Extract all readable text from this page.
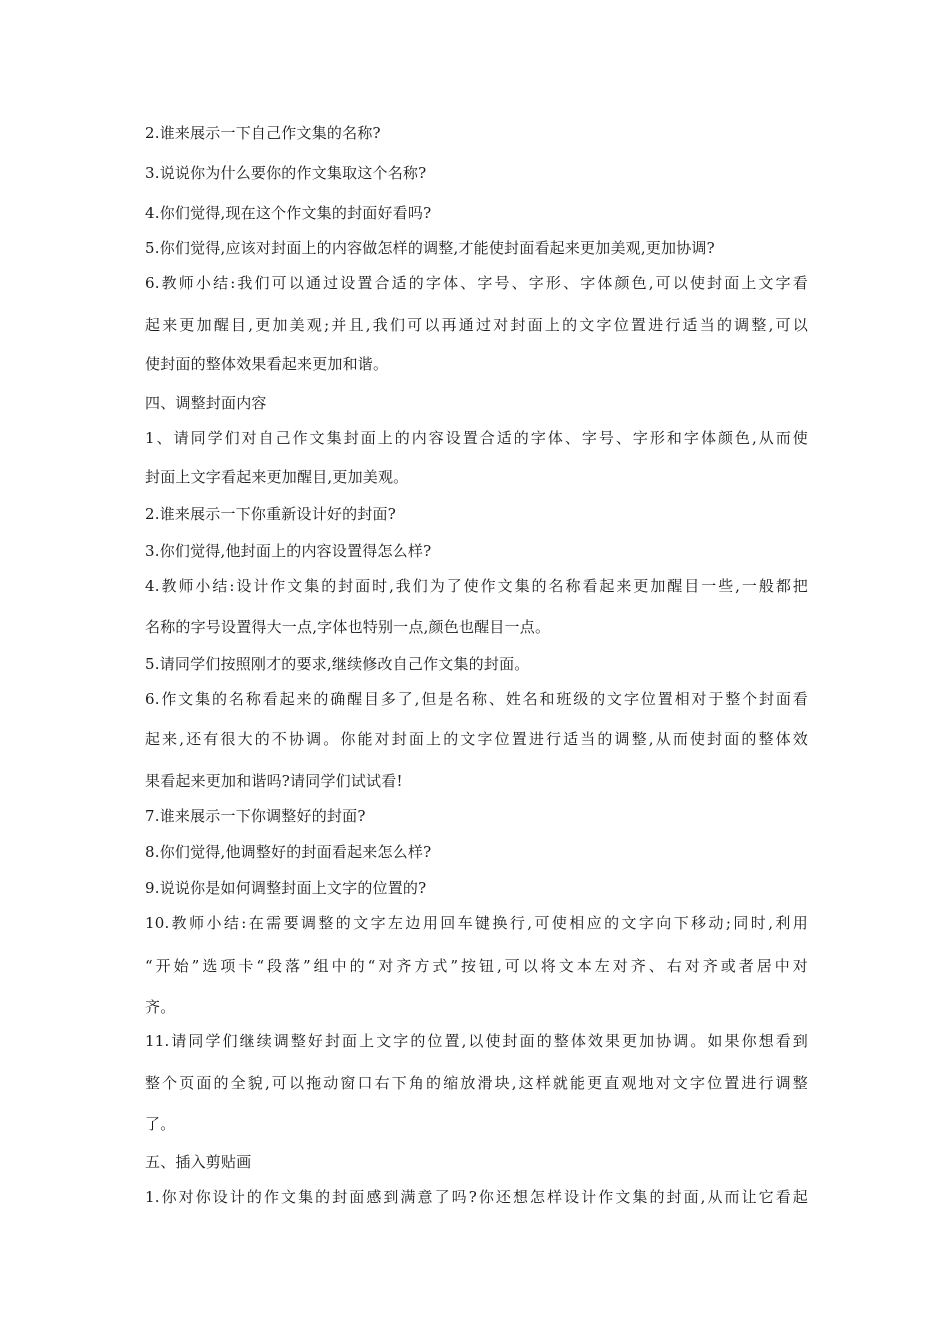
2.谁来展示一下自己作文集的名称?
3.说说你为什么要你的作文集取这个名称?
4.你们觉得,现在这个作文集的封面好看吗?
5.你们觉得,应该对封面上的内容做怎样的调整,才能使封面看起来更加美观,更加协调?
6.教师小结:我们可以通过设置合适的字体、字号、字形、字体颜色,可以使封面上文字看
起来更加醒目,更加美观;并且,我们可以再通过对封面上的文字位置进行适当的调整,可以
使封面的整体效果看起来更加和谐。
四、调整封面内容
1、请同学们对自己作文集封面上的内容设置合适的字体、字号、字形和字体颜色,从而使
封面上文字看起来更加醒目,更加美观。
2.谁来展示一下你重新设计好的封面?
3.你们觉得,他封面上的内容设置得怎么样?
4.教师小结:设计作文集的封面时,我们为了使作文集的名称看起来更加醒目一些,一般都把
名称的字号设置得大一点,字体也特别一点,颜色也醒目一点。
5.请同学们按照刚才的要求,继续修改自己作文集的封面。
6.作文集的名称看起来的确醒目多了,但是名称、姓名和班级的文字位置相对于整个封面看
起来,还有很大的不协调。你能对封面上的文字位置进行适当的调整,从而使封面的整体效
果看起来更加和谐吗?请同学们试试看!
7.谁来展示一下你调整好的封面?
8.你们觉得,他调整好的封面看起来怎么样?
9.说说你是如何调整封面上文字的位置的?
10.教师小结:在需要调整的文字左边用回车键换行,可使相应的文字向下移动;同时,利用
“开始”选项卡“段落”组中的“对齐方式”按钮,可以将文本左对齐、右对齐或者居中对
齐。
11.请同学们继续调整好封面上文字的位置,以使封面的整体效果更加协调。如果你想看到
整个页面的全貌,可以拖动窗口右下角的缩放滑块,这样就能更直观地对文字位置进行调整
了。
五、插入剪贴画
1.你对你设计的作文集的封面感到满意了吗?你还想怎样设计作文集的封面,从而让它看起
